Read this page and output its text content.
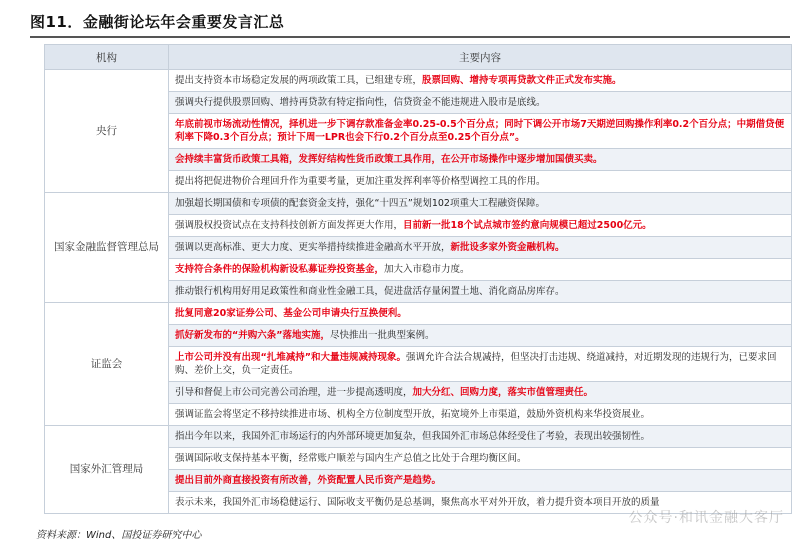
图11．金融街论坛年会重要发言汇总
机构	主要内容
央行	提出支持资本市场稳定发展的两项政策工具，已组建专班，股票回购、增持专项再贷款文件正式发布实施。
	强调央行提供股票回购、增持再贷款有特定指向性，信贷资金不能违规进入股市是底线。
	年底前视市场流动性情况，择机进一步下调存款准备金率0.25-0.5个百分点；同时下调公开市场7天期逆回购操作利率0.2个百分点；中期借贷便利率下降0.3个百分点；预计下周一LPR也会下行0.2个百分点至0.25个百分点”。
	会持续丰富货币政策工具箱，发挥好结构性货币政策工具作用，在公开市场操作中逐步增加国债买卖。
	提出将把促进物价合理回升作为重要考量，更加注重发挥利率等价格型调控工具的作用。
国家金融监督管理总局	加强超长期国债和专项债的配套资金支持，强化“十四五”规划102项重大工程融资保障。
	强调股权投资试点在支持科技创新方面发挥更大作用，目前新一批18个试点城市签约意向规模已超过2500亿元。
	强调以更高标准、更大力度、更实举措持续推进金融高水平开放，新批设多家外资金融机构。
	支持符合条件的保险机构新设私募证券投资基金，加大入市稳市力度。
	推动银行机构用好用足政策性和商业性金融工具，促进盘活存量闲置土地、消化商品房库存。
证监会	批复同意20家证券公司、基金公司申请央行互换便利。
	抓好新发布的“并购六条”落地实施，尽快推出一批典型案例。
	上市公司并没有出现“扎堆减持”和大量违规减持现象。强调允许合法合规减持，但坚决打击违规、绕道减持，对近期发现的违规行为，已要求回购、差价上交，负一定责任。
	引导和督促上市公司完善公司治理，进一步提高透明度，加大分红、回购力度，落实市值管理责任。
	强调证监会将坚定不移持续推进市场、机构全方位制度型开放，拓宽境外上市渠道，鼓励外资机构来华投资展业。
国家外汇管理局	指出今年以来，我国外汇市场运行的内外部环境更加复杂，但我国外汇市场总体经受住了考验，表现出较强韧性。
	强调国际收支保持基本平衡，经常账户顺差与国内生产总值之比处于合理均衡区间。
	提出目前外商直接投资有所改善，外资配置人民币资产是趋势。
	表示未来，我国外汇市场稳健运行、国际收支平衡仍是总基调，聚焦高水平对外开放，着力提升资本项目开放的质量
资料来源：Wind、国投证券研究中心
公众号·和讯金融大客厅
